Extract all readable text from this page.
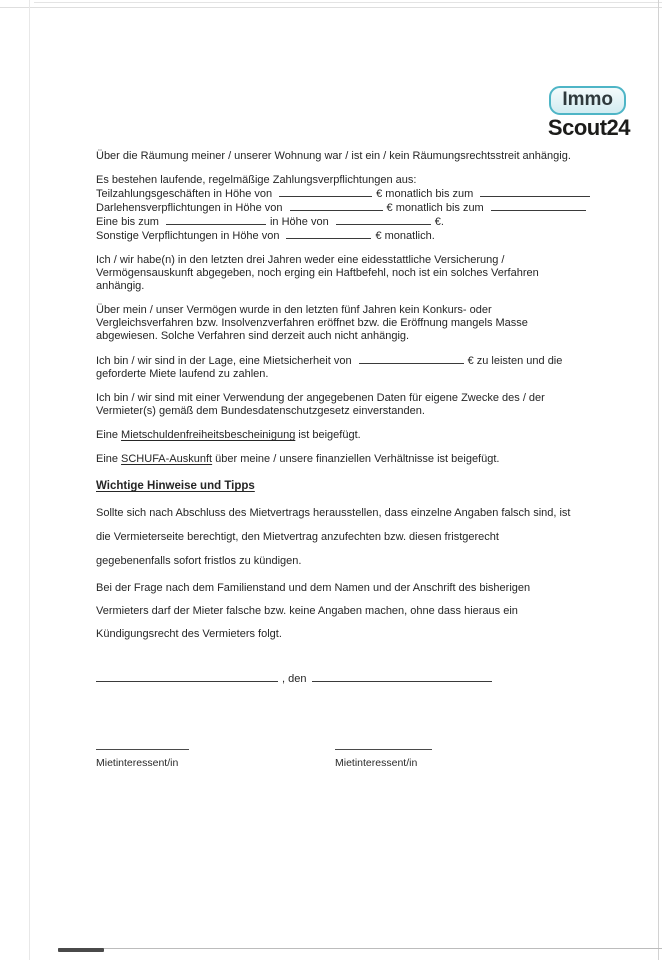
Immo
Scout24

Über die Räumung meiner / unserer Wohnung war / ist ein / kein Räumungsrechtsstreit anhängig.

Es bestehen laufende, regelmäßige Zahlungsverpflichtungen aus:

Teilzahlungsgeschäften in Höhe von	€ monatlich bis zum
Darlehensverpflichtungen in Höhe von	€ monatlich bis zum
Eine bis zum	in Höhe von	€.

Sonstige Verpflichtungen in Höhe von	€ monatlich.

Ich / wir habe(n) in den letzten drei Jahren weder eine eidesstattliche Versicherung / Vermögensauskunft abgegeben, noch erging ein Haftbefehl, noch ist ein solches Verfahren anhängig.

Über mein / unser Vermögen wurde in den letzten fünf Jahren kein Konkurs- oder Vergleichsverfahren bzw. Insolvenzverfahren eröffnet bzw. die Eröffnung mangels Masse abgewiesen. Solche Verfahren sind derzeit auch nicht anhängig.

Ich bin / wir sind in der Lage, eine Mietsicherheit von	€ zu leisten und die geforderte Miete laufend zu zahlen.

Ich bin / wir sind mit einer Verwendung der angegebenen Daten für eigene Zwecke des / der Vermieter(s) gemäß dem Bundesdatenschutzgesetz einverstanden.

Eine Mietschuldenfreiheitsbescheinigung ist beigefügt.

Eine SCHUFA-Auskunft über meine / unsere finanziellen Verhältnisse ist beigefügt.

Wichtige Hinweise und Tipps

Sollte sich nach Abschluss des Mietvertrags herausstellen, dass einzelne Angaben falsch sind, ist die Vermieterseite berechtigt, den Mietvertrag anzufechten bzw. diesen fristgerecht gegebenenfalls sofort fristlos zu kündigen.

Bei der Frage nach dem Familienstand und dem Namen und der Anschrift des bisherigen Vermieters darf der Mieter falsche bzw. keine Angaben machen, ohne dass hieraus ein Kündigungsrecht des Vermieters folgt.

, den
Mietinteressent/in	Mietinteressent/in
